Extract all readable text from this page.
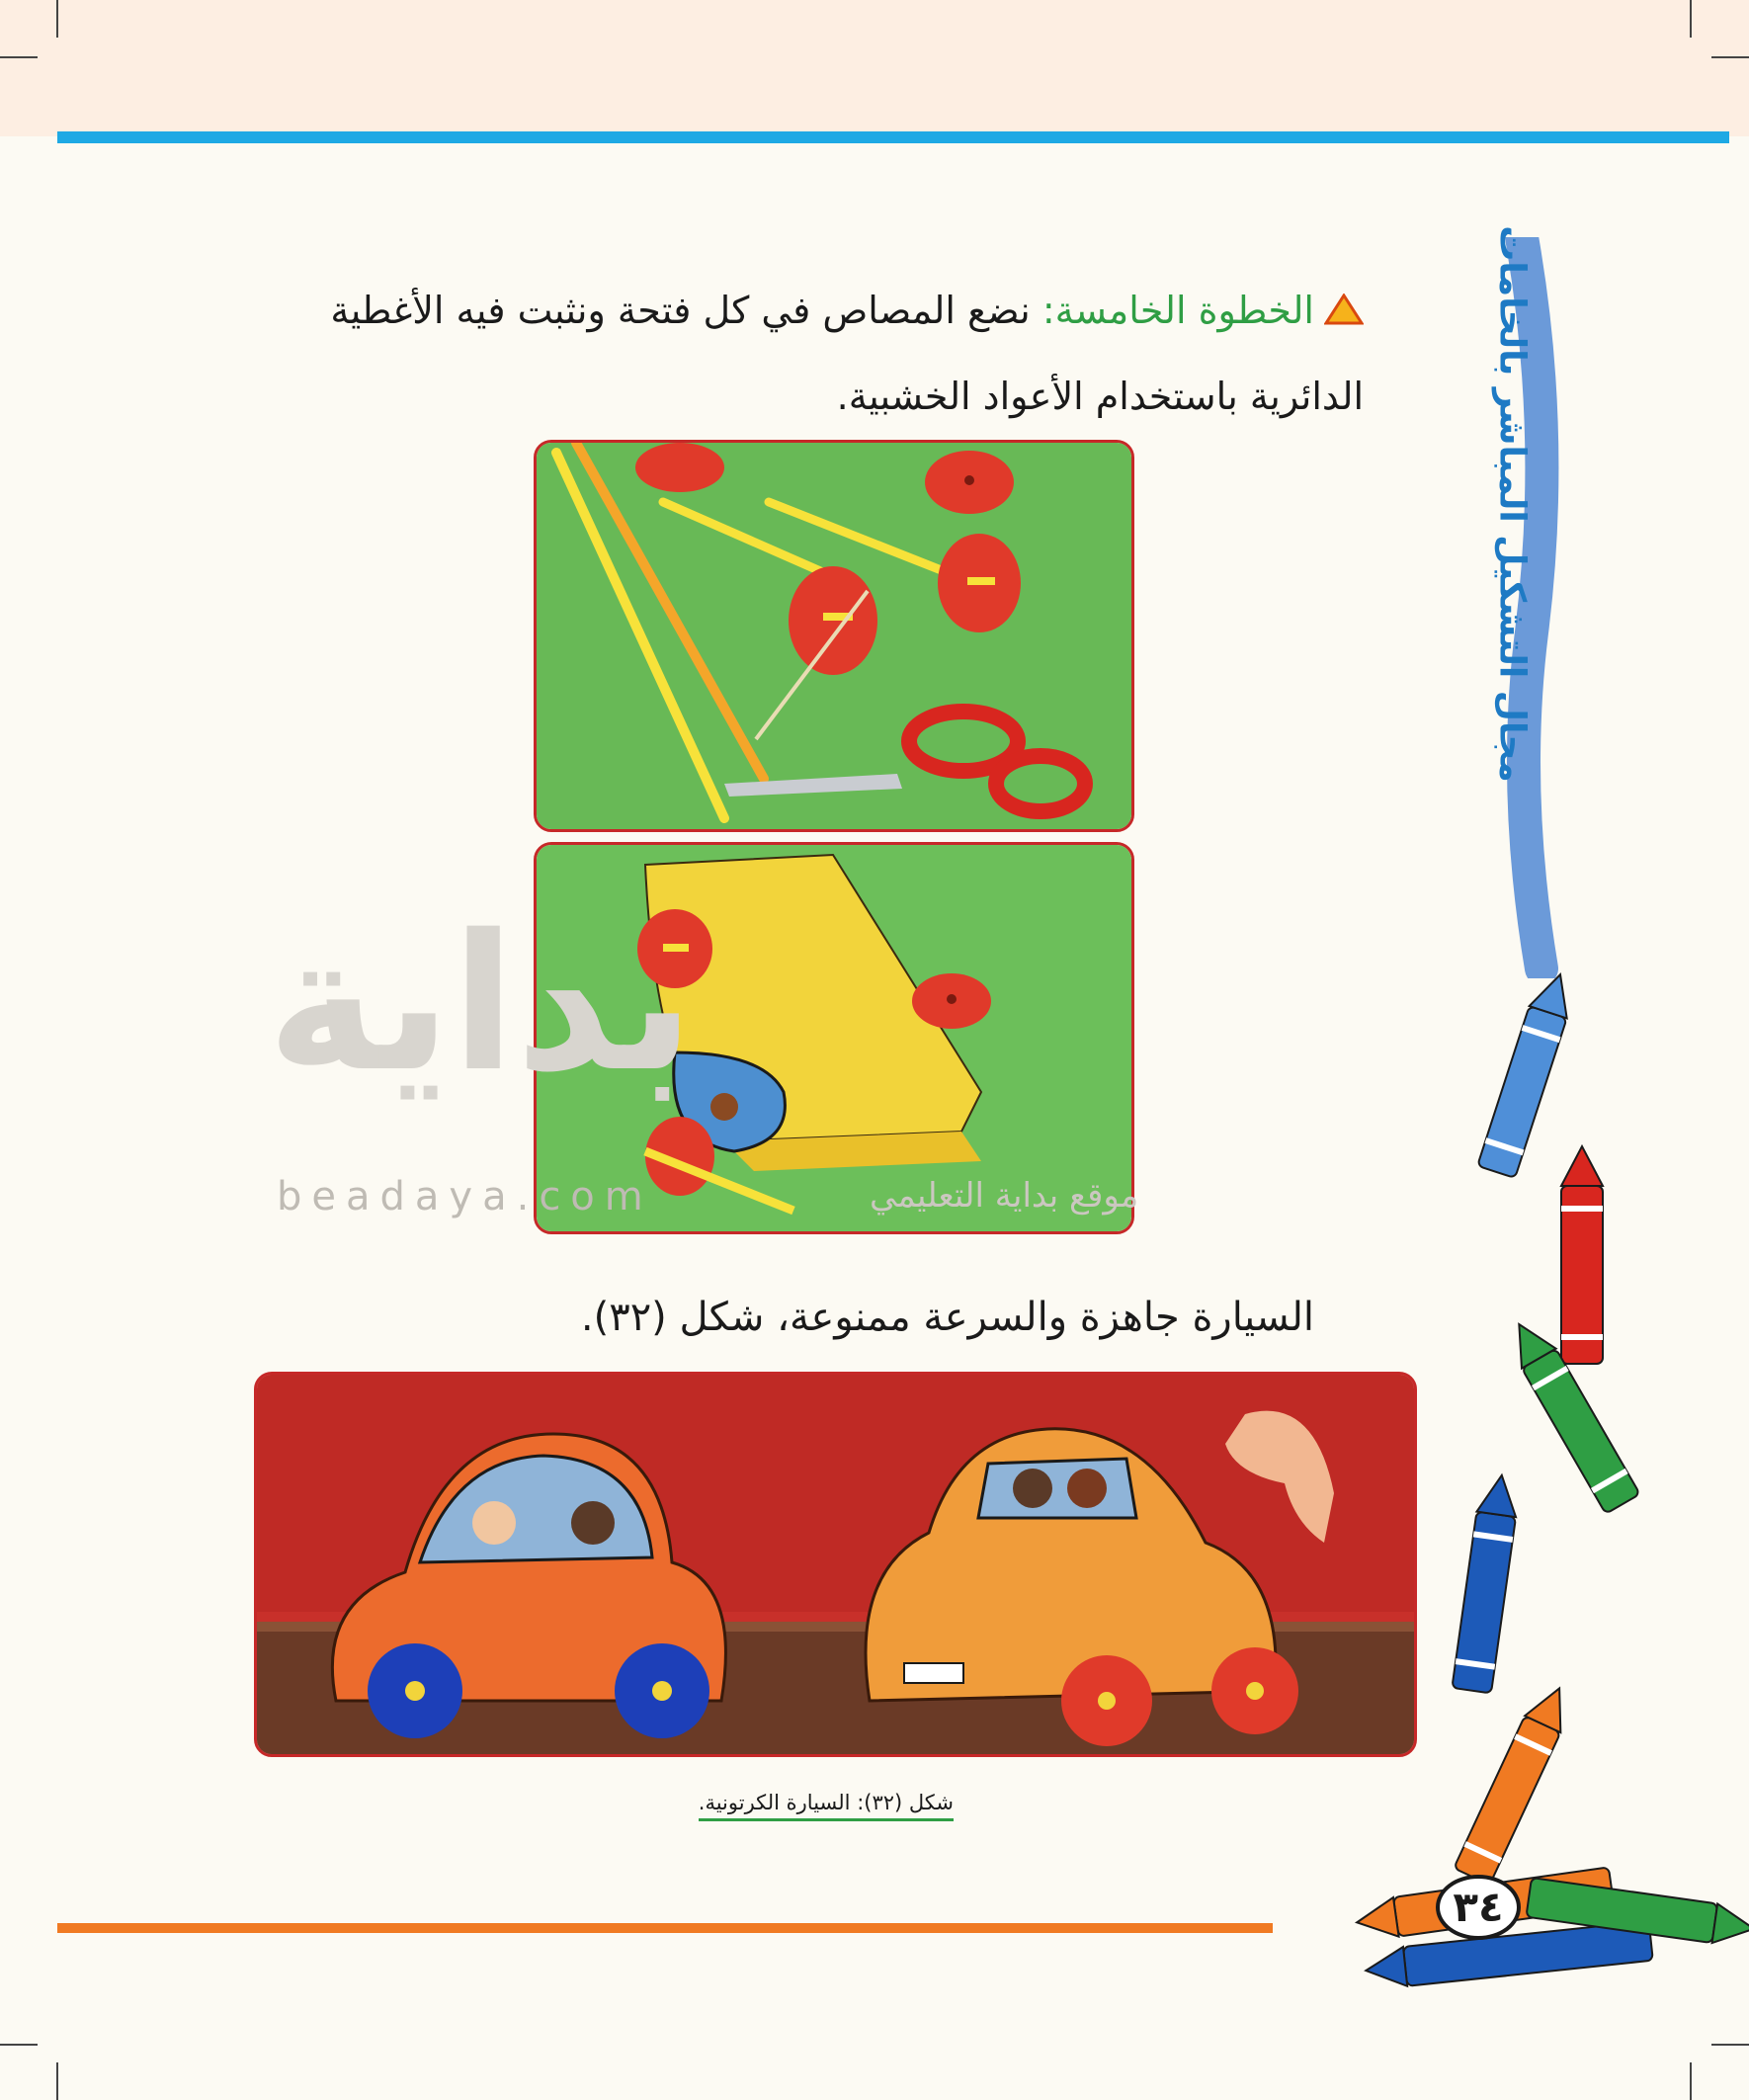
الخطوة الخامسة: نضع المصاص في كل فتحة ونثبت فيه الأغطية الدائرية باستخدام الأعواد الخشبية.
بداية
beadaya.com	موقع بداية التعليمي
السيارة جاهزة والسرعة ممنوعة، شكل (٣٢).
شكل (٣٢): السيارة الكرتونية.
مجال التشكيل المباشر بالخامات
٣٤
